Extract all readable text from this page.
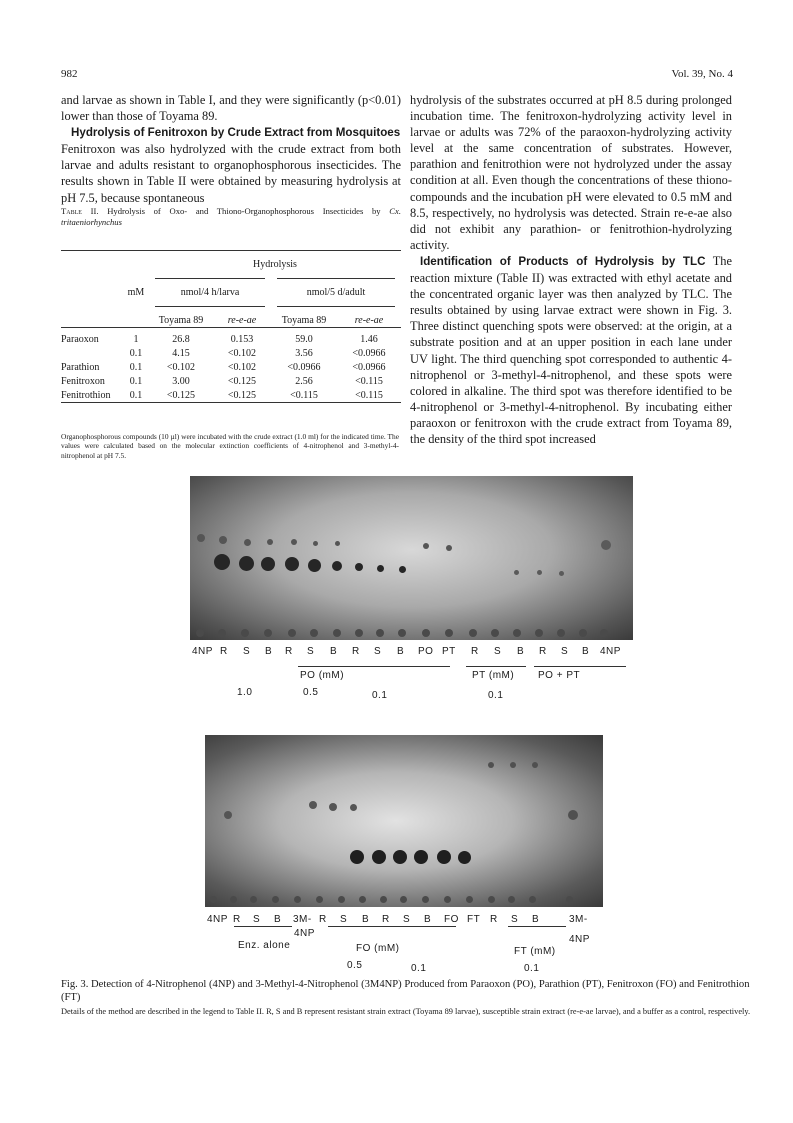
982	Vol. 39, No. 4

and larvae as shown in Table I, and they were significantly (p<0.01) lower than those of Toyama 89.

Hydrolysis of Fenitroxon by Crude Extract from Mosquitoes

Fenitroxon was also hydrolyzed with the crude extract from both larvae and adults resistant to organophosphorous insecticides. The results shown in Table II were obtained by measuring hydrolysis at pH 7.5, because spontaneous

Table II. Hydrolysis of Oxo- and Thiono-Organophosphorous Insecticides by Cx. tritaeniorhynchus

		Hydrolysis			

	mM	nmol/4 h/larva		nmol/5 d/adult	

		Toyama 89	re-e-ae	Toyama 89	re-e-ae

Paraoxon	1	26.8	0.153	59.0	1.46
	0.1	4.15	<0.102	3.56	<0.0966
Parathion	0.1	<0.102	<0.102	<0.0966	<0.0966
Fenitroxon	0.1	3.00	<0.125	2.56	<0.115
Fenitrothion	0.1	<0.125	<0.125	<0.115	<0.115

Organophosphorous compounds (10 µl) were incubated with the crude extract (1.0 ml) for the indicated time. The values were calculated based on the molecular extinction coefficients of 4-nitrophenol and 3-methyl-4-nitrophenol at pH 7.5.

hydrolysis of the substrates occurred at pH 8.5 during prolonged incubation time. The fenitroxon-hydrolyzing activity level in larvae or adults was 72% of the paraoxon-hydrolyzing activity level at the same concentration of substrates. However, parathion and fenitrothion were not hydrolyzed under the assay condition at all. Even though the concentrations of these thiono-compounds and the incubation pH were elevated to 0.5 mM and 8.5, respectively, no hydrolysis was detected. Strain re-e-ae also did not exhibit any parathion- or fenitrothion-hydrolyzing activity.

Identification of Products of Hydrolysis by TLC The reaction mixture (Table II) was extracted with ethyl acetate and the concentrated organic layer was then analyzed by TLC. The results obtained by using larvae extract were shown in Fig. 3. Three distinct quenching spots were observed: at the origin, at a substrate position and at an upper position in each lane under UV light. The third quenching spot corresponded to authentic 4-nitrophenol or 3-methyl-4-nitrophenol, and these spots were colored in alkaline. The third spot was therefore identified to be 4-nitrophenol or 3-methyl-4-nitrophenol. By incubating either paraoxon or fenitroxon with the crude extract from Toyama 89, the density of the third spot increased

4NP R S B R S B R S B PO PT R S B R S B 4NP
PO (mM)	PT (mM) PO + PT
1.0	0.5	0.1	0.1
4NP R S B 3M- R S B R S B FO FT R S B	3M-
4NP
4NP
Enz. alone	FO (mM)	FT (mM)
0.5	0.1	0.1
Fig. 3. Detection of 4-Nitrophenol (4NP) and 3-Methyl-4-Nitrophenol (3M4NP) Produced from Paraoxon (PO), Parathion (PT), Fenitroxon (FO) and Fenitrothion (FT)
Details of the method are described in the legend to Table II. R, S and B represent resistant strain extract (Toyama 89 larvae), susceptible strain extract (re-e-ae larvae), and a buffer as a control, respectively.
